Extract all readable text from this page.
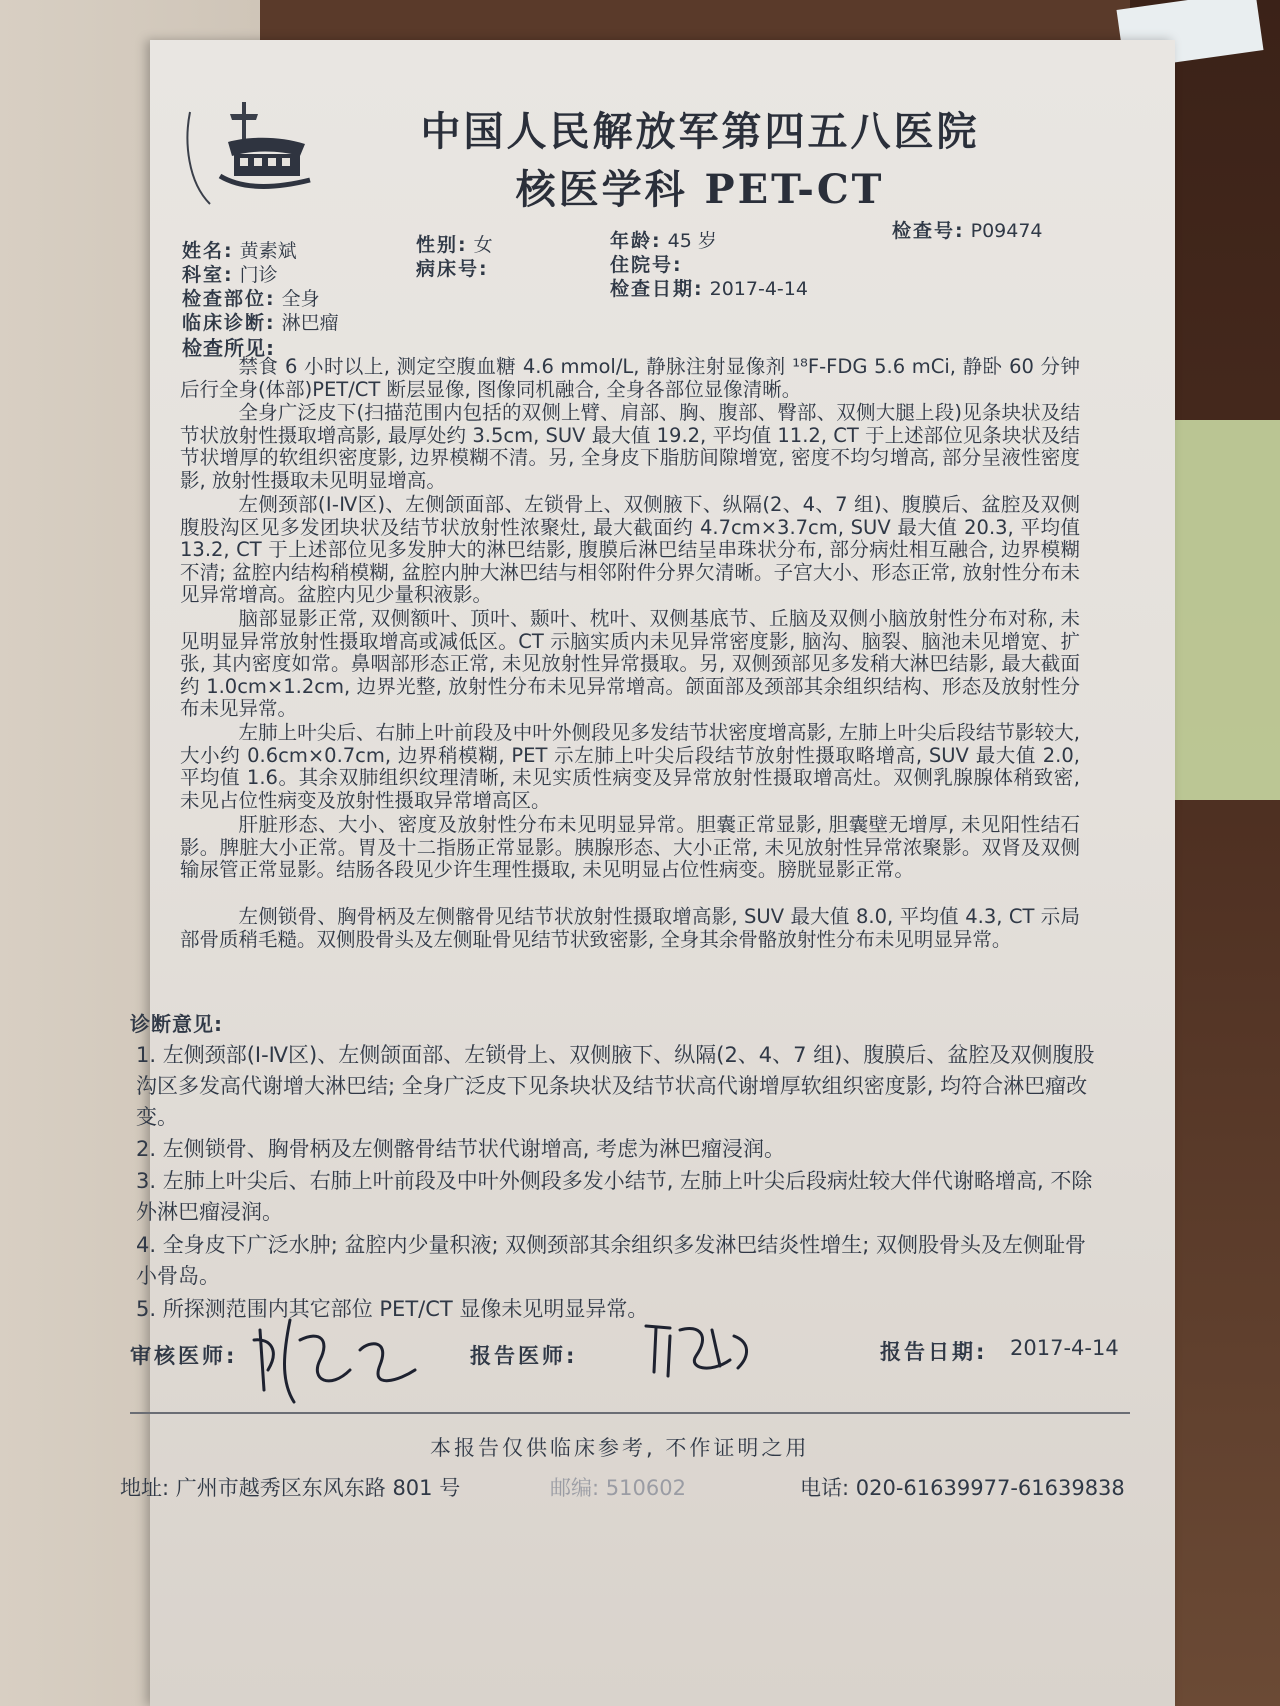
中国人民解放军第四五八医院
核医学科 PET-CT
姓名: 黄素斌	性别: 女	年龄: 45 岁	检查号: P09474
科室: 门诊	病床号:	住院号:
检查部位: 全身	检查日期: 2017-4-14
临床诊断: 淋巴瘤
检查所见:

禁食 6 小时以上, 测定空腹血糖 4.6 mmol/L, 静脉注射显像剂 ¹⁸F-FDG 5.6 mCi, 静卧 60 分钟后行全身(体部)PET/CT 断层显像, 图像同机融合, 全身各部位显像清晰。

全身广泛皮下(扫描范围内包括的双侧上臂、肩部、胸、腹部、臀部、双侧大腿上段)见条块状及结节状放射性摄取增高影, 最厚处约 3.5cm, SUV 最大值 19.2, 平均值 11.2, CT 于上述部位见条块状及结节状增厚的软组织密度影, 边界模糊不清。另, 全身皮下脂肪间隙增宽, 密度不均匀增高, 部分呈液性密度影, 放射性摄取未见明显增高。

左侧颈部(Ⅰ-Ⅳ区)、左侧颌面部、左锁骨上、双侧腋下、纵隔(2、4、7 组)、腹膜后、盆腔及双侧腹股沟区见多发团块状及结节状放射性浓聚灶, 最大截面约 4.7cm×3.7cm, SUV 最大值 20.3, 平均值 13.2, CT 于上述部位见多发肿大的淋巴结影, 腹膜后淋巴结呈串珠状分布, 部分病灶相互融合, 边界模糊不清; 盆腔内结构稍模糊, 盆腔内肿大淋巴结与相邻附件分界欠清晰。子宫大小、形态正常, 放射性分布未见异常增高。盆腔内见少量积液影。

脑部显影正常, 双侧额叶、顶叶、颞叶、枕叶、双侧基底节、丘脑及双侧小脑放射性分布对称, 未见明显异常放射性摄取增高或减低区。CT 示脑实质内未见异常密度影, 脑沟、脑裂、脑池未见增宽、扩张, 其内密度如常。鼻咽部形态正常, 未见放射性异常摄取。另, 双侧颈部见多发稍大淋巴结影, 最大截面约 1.0cm×1.2cm, 边界光整, 放射性分布未见异常增高。颌面部及颈部其余组织结构、形态及放射性分布未见异常。

左肺上叶尖后、右肺上叶前段及中叶外侧段见多发结节状密度增高影, 左肺上叶尖后段结节影较大, 大小约 0.6cm×0.7cm, 边界稍模糊, PET 示左肺上叶尖后段结节放射性摄取略增高, SUV 最大值 2.0, 平均值 1.6。其余双肺组织纹理清晰, 未见实质性病变及异常放射性摄取增高灶。双侧乳腺腺体稍致密, 未见占位性病变及放射性摄取异常增高区。

肝脏形态、大小、密度及放射性分布未见明显异常。胆囊正常显影, 胆囊壁无增厚, 未见阳性结石影。脾脏大小正常。胃及十二指肠正常显影。胰腺形态、大小正常, 未见放射性异常浓聚影。双肾及双侧输尿管正常显影。结肠各段见少许生理性摄取, 未见明显占位性病变。膀胱显影正常。

左侧锁骨、胸骨柄及左侧髂骨见结节状放射性摄取增高影, SUV 最大值 8.0, 平均值 4.3, CT 示局部骨质稍毛糙。双侧股骨头及左侧耻骨见结节状致密影, 全身其余骨骼放射性分布未见明显异常。

诊断意见:

1. 左侧颈部(Ⅰ-Ⅳ区)、左侧颌面部、左锁骨上、双侧腋下、纵隔(2、4、7 组)、腹膜后、盆腔及双侧腹股沟区多发高代谢增大淋巴结; 全身广泛皮下见条块状及结节状高代谢增厚软组织密度影, 均符合淋巴瘤改变。

2. 左侧锁骨、胸骨柄及左侧髂骨结节状代谢增高, 考虑为淋巴瘤浸润。

3. 左肺上叶尖后、右肺上叶前段及中叶外侧段多发小结节, 左肺上叶尖后段病灶较大伴代谢略增高, 不除外淋巴瘤浸润。

4. 全身皮下广泛水肿; 盆腔内少量积液; 双侧颈部其余组织多发淋巴结炎性增生; 双侧股骨头及左侧耻骨小骨岛。

5. 所探测范围内其它部位 PET/CT 显像未见明显异常。

审核医师:	报告医师:	报告日期: 2017-4-14
本报告仅供临床参考, 不作证明之用
地址: 广州市越秀区东风东路 801 号	邮编: 510602	电话: 020-61639977-61639838
